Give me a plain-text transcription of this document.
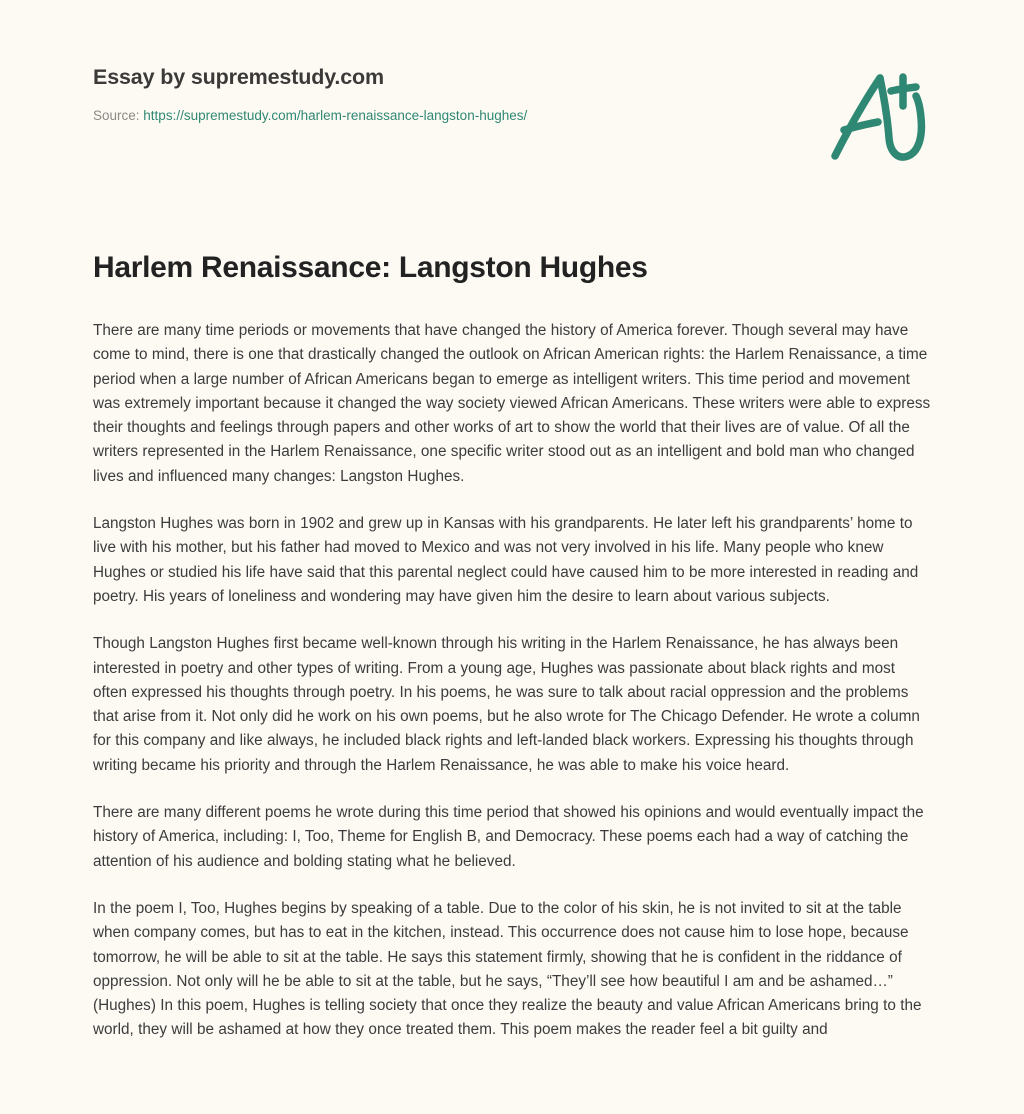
Essay by supremestudy.com
Source: https://supremestudy.com/harlem-renaissance-langston-hughes/
Harlem Renaissance: Langston Hughes

There are many time periods or movements that have changed the history of America forever. Though several may have come to mind, there is one that drastically changed the outlook on African American rights: the Harlem Renaissance, a time period when a large number of African Americans began to emerge as intelligent writers. This time period and movement was extremely important because it changed the way society viewed African Americans. These writers were able to express their thoughts and feelings through papers and other works of art to show the world that their lives are of value. Of all the writers represented in the Harlem Renaissance, one specific writer stood out as an intelligent and bold man who changed lives and influenced many changes: Langston Hughes.

Langston Hughes was born in 1902 and grew up in Kansas with his grandparents. He later left his grandparents’ home to live with his mother, but his father had moved to Mexico and was not very involved in his life. Many people who knew Hughes or studied his life have said that this parental neglect could have caused him to be more interested in reading and poetry. His years of loneliness and wondering may have given him the desire to learn about various subjects.

Though Langston Hughes first became well-known through his writing in the Harlem Renaissance, he has always been interested in poetry and other types of writing. From a young age, Hughes was passionate about black rights and most often expressed his thoughts through poetry. In his poems, he was sure to talk about racial oppression and the problems that arise from it. Not only did he work on his own poems, but he also wrote for The Chicago Defender. He wrote a column for this company and like always, he included black rights and left-landed black workers. Expressing his thoughts through writing became his priority and through the Harlem Renaissance, he was able to make his voice heard.

There are many different poems he wrote during this time period that showed his opinions and would eventually impact the history of America, including: I, Too, Theme for English B, and Democracy. These poems each had a way of catching the attention of his audience and bolding stating what he believed.

In the poem I, Too, Hughes begins by speaking of a table. Due to the color of his skin, he is not invited to sit at the table when company comes, but has to eat in the kitchen, instead. This occurrence does not cause him to lose hope, because tomorrow, he will be able to sit at the table. He says this statement firmly, showing that he is confident in the riddance of oppression. Not only will he be able to sit at the table, but he says, “They’ll see how beautiful I am and be ashamed…” (Hughes) In this poem, Hughes is telling society that once they realize the beauty and value African Americans bring to the world, they will be ashamed at how they once treated them. This poem makes the reader feel a bit guilty and
